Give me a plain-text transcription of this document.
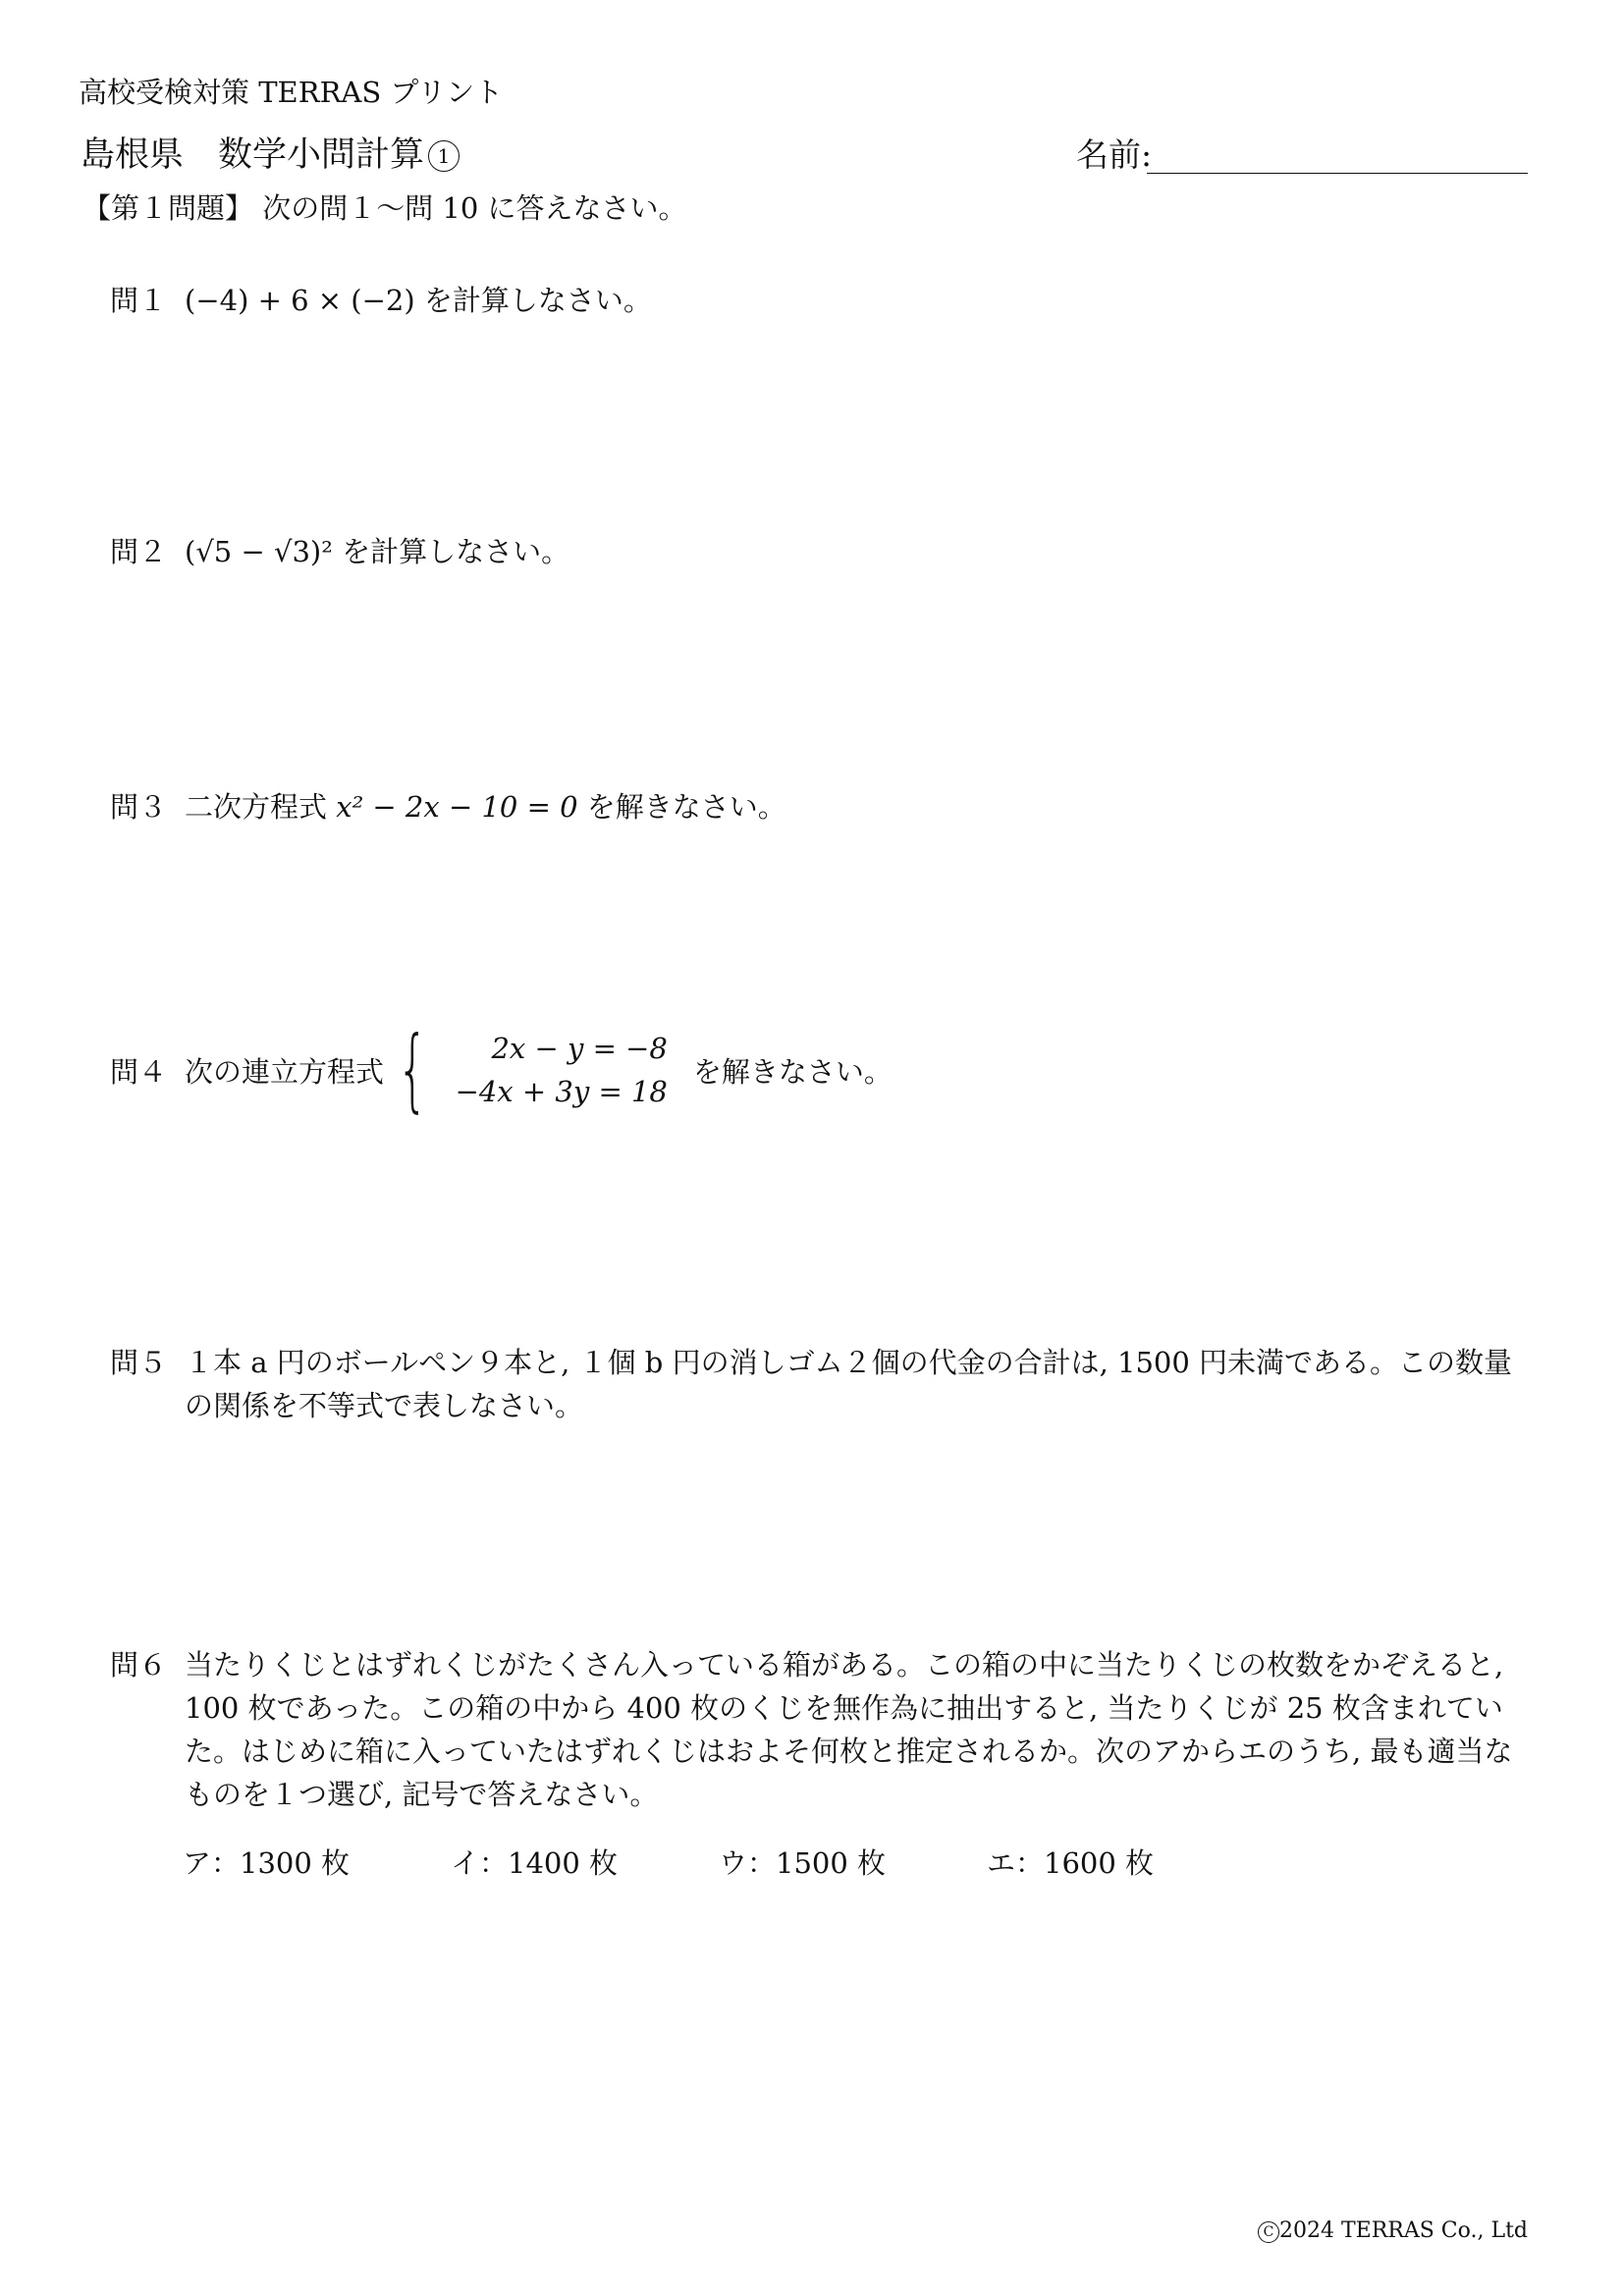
高校受検対策 TERRAS プリント
島根県　数学小問計算 1	名前:
【第１問題】 次の問１〜問 10 に答えなさい。
問１ (−4) + 6 × (−2) を計算しなさい。
問２ (√5 − √3)² を計算しなさい。
問３ 二次方程式 x² − 2x − 10 = 0 を解きなさい。
問４ 次の連立方程式 {	2x − y = −8
−4x + 3y = 18
を解きなさい。
問５ １本 a 円のボールペン９本と, １個 b 円の消しゴム２個の代金の合計は, 1500 円未満である。この数量の関係を不等式で表しなさい。
問６ 当たりくじとはずれくじがたくさん入っている箱がある。この箱の中に当たりくじの枚数をかぞえると, 100 枚であった。この箱の中から 400 枚のくじを無作為に抽出すると, 当たりくじが 25 枚含まれていた。はじめに箱に入っていたはずれくじはおよそ何枚と推定されるか。次のアからエのうち, 最も適当なものを１つ選び, 記号で答えなさい。
ア：1300 枚	イ：1400 枚	ウ：1500 枚	エ：1600 枚
C 2024 TERRAS Co., Ltd
